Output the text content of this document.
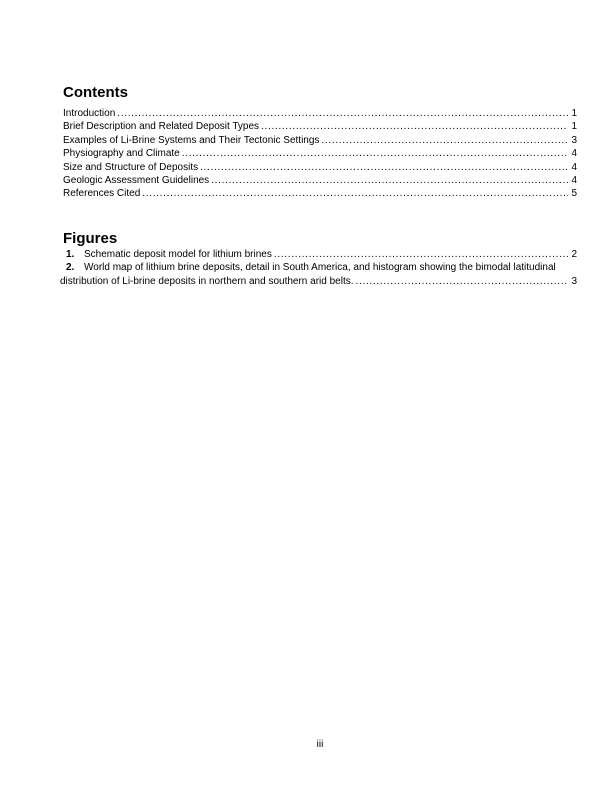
Contents
Introduction .....	1
Brief Description and Related Deposit Types .....	1
Examples of Li-Brine Systems and Their Tectonic Settings .....	3
Physiography and Climate .....	4
Size and Structure of Deposits .....	4
Geologic Assessment Guidelines .....	4
References Cited .....	5
Figures
1. Schematic deposit model for lithium brines .....	2
2. World map of lithium brine deposits, detail in South America, and histogram showing the bimodal latitudinal
distribution of Li-brine deposits in northern and southern arid belts. .....	3
iii
